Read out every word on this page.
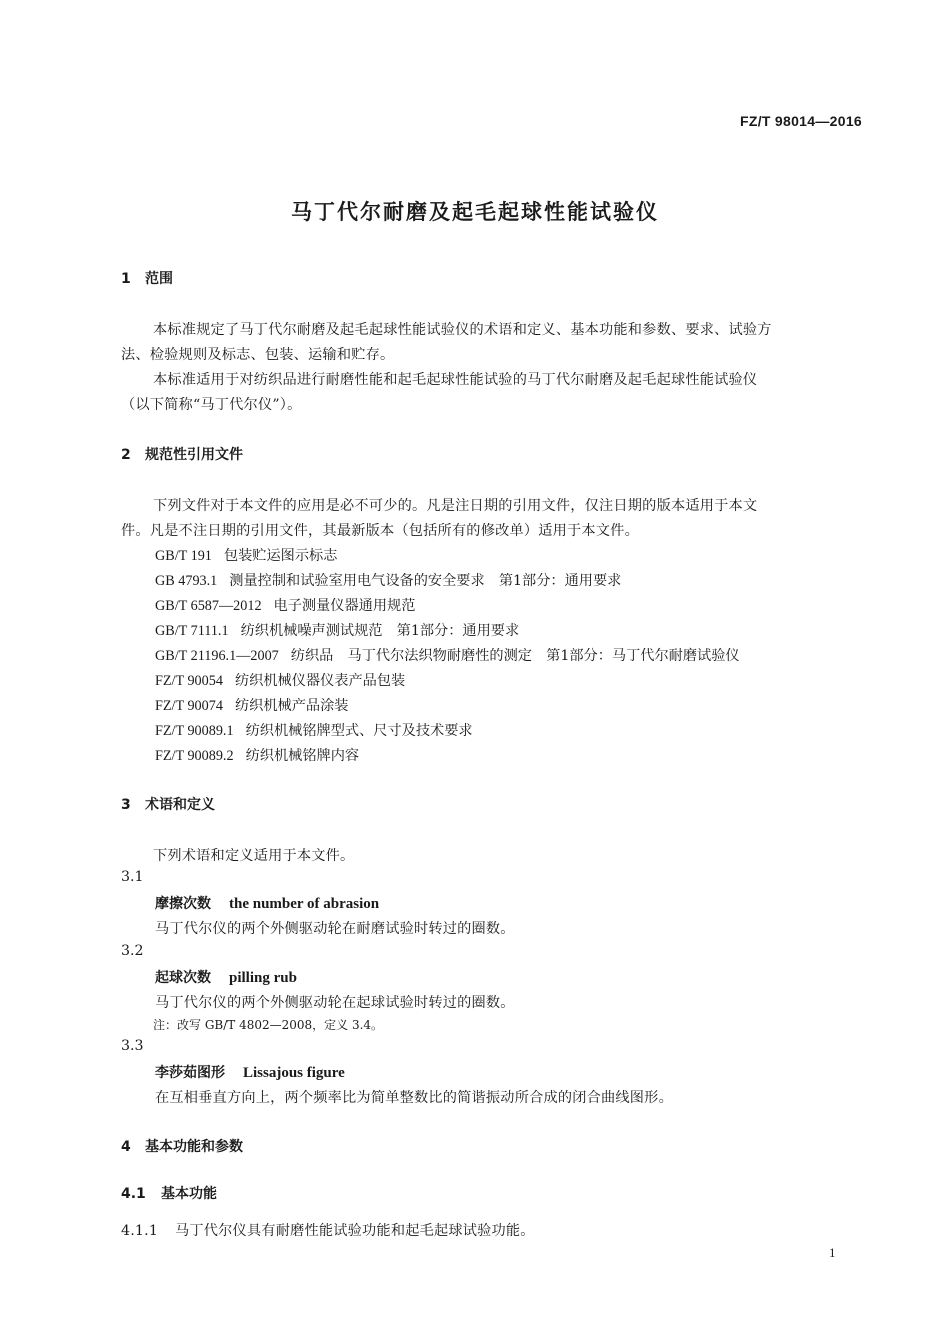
FZ/T 98014—2016
马丁代尔耐磨及起毛起球性能试验仪
1 范围
本标准规定了马丁代尔耐磨及起毛起球性能试验仪的术语和定义、基本功能和参数、要求、试验方
法、检验规则及标志、包装、运输和贮存。
本标准适用于对纺织品进行耐磨性能和起毛起球性能试验的马丁代尔耐磨及起毛起球性能试验仪
（以下简称“马丁代尔仪”）。
2 规范性引用文件
下列文件对于本文件的应用是必不可少的。凡是注日期的引用文件，仅注日期的版本适用于本文
件。凡是不注日期的引用文件，其最新版本（包括所有的修改单）适用于本文件。
GB/T 191 包装贮运图示标志
GB 4793.1 测量控制和试验室用电气设备的安全要求　第1部分：通用要求
GB/T 6587—2012 电子测量仪器通用规范
GB/T 7111.1 纺织机械噪声测试规范　第1部分：通用要求
GB/T 21196.1—2007 纺织品　马丁代尔法织物耐磨性的测定　第1部分：马丁代尔耐磨试验仪
FZ/T 90054 纺织机械仪器仪表产品包装
FZ/T 90074 纺织机械产品涂装
FZ/T 90089.1 纺织机械铭牌型式、尺寸及技术要求
FZ/T 90089.2 纺织机械铭牌内容
3 术语和定义
下列术语和定义适用于本文件。
3.1
摩擦次数 the number of abrasion
马丁代尔仪的两个外侧驱动轮在耐磨试验时转过的圈数。
3.2
起球次数 pilling rub
马丁代尔仪的两个外侧驱动轮在起球试验时转过的圈数。
注：改写 GB/T 4802—2008，定义 3.4。
3.3
李莎茹图形 Lissajous figure
在互相垂直方向上，两个频率比为简单整数比的简谐振动所合成的闭合曲线图形。
4 基本功能和参数
4.1 基本功能
4.1.1 马丁代尔仪具有耐磨性能试验功能和起毛起球试验功能。
1
